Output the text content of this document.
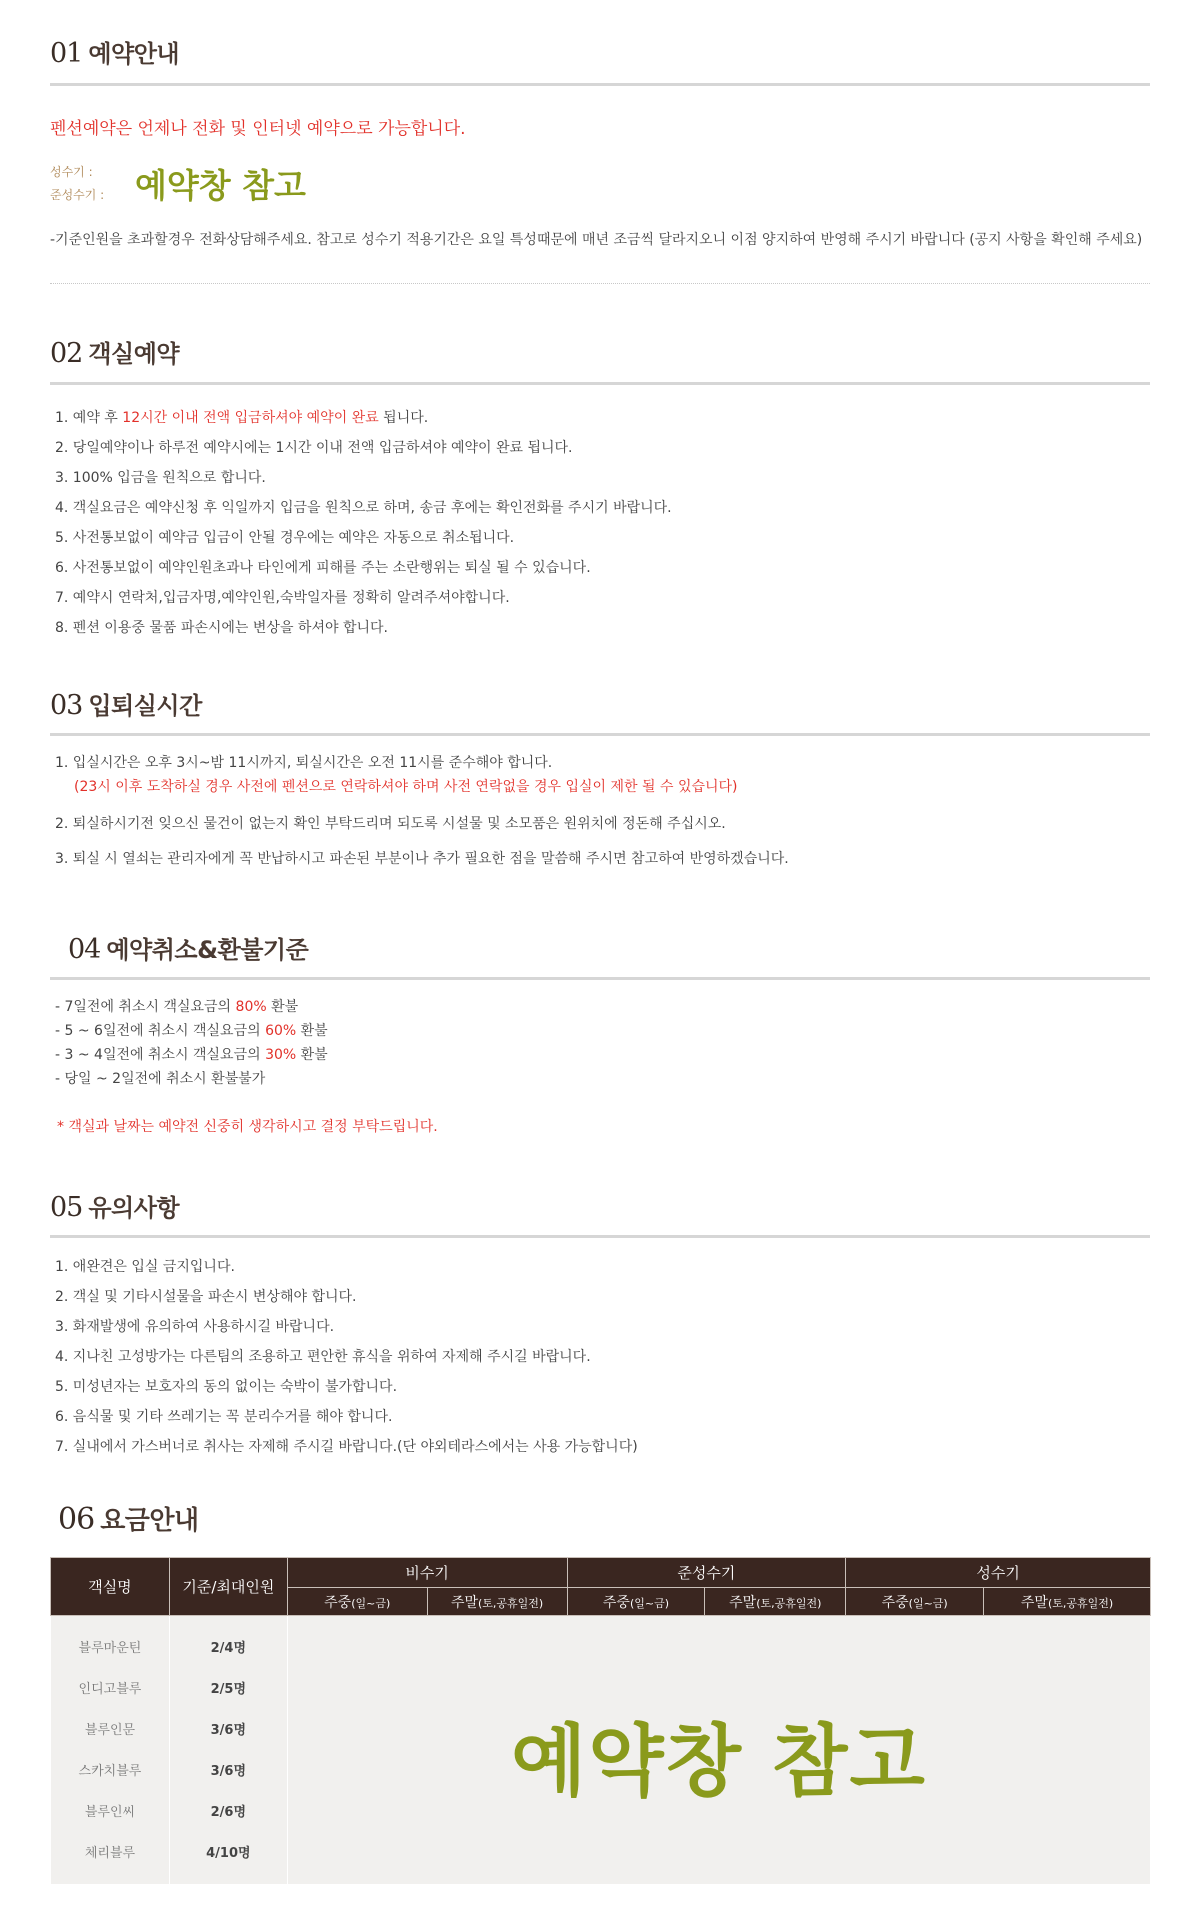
01 예약안내
펜션예약은 언제나 전화 및 인터넷 예약으로 가능합니다.
성수기 :
준성수기 : 예약창 참고
-기준인원을 초과할경우 전화상담해주세요. 참고로 성수기 적용기간은 요일 특성때문에 매년 조금씩 달라지오니 이점 양지하여 반영해 주시기 바랍니다 (공지 사항을 확인해 주세요)
02 객실예약
1. 예약 후 12시간 이내 전액 입금하셔야 예약이 완료 됩니다.
2. 당일예약이나 하루전 예약시에는 1시간 이내 전액 입금하셔야 예약이 완료 됩니다.
3. 100% 입금을 원칙으로 합니다.
4. 객실요금은 예약신청 후 익일까지 입금을 원칙으로 하며, 송금 후에는 확인전화를 주시기 바랍니다.
5. 사전통보없이 예약금 입금이 안될 경우에는 예약은 자동으로 취소됩니다.
6. 사전통보없이 예약인원초과나 타인에게 피해를 주는 소란행위는 퇴실 될 수 있습니다.
7. 예약시 연락처,입금자명,예약인원,숙박일자를 정확히 알려주셔야합니다.
8. 펜션 이용중 물품 파손시에는 변상을 하셔야 합니다.
03 입퇴실시간
1. 입실시간은 오후 3시~밤 11시까지, 퇴실시간은 오전 11시를 준수해야 합니다.
(23시 이후 도착하실 경우 사전에 펜션으로 연락하셔야 하며 사전 연락없을 경우 입실이 제한 될 수 있습니다)
2. 퇴실하시기전 잊으신 물건이 없는지 확인 부탁드리며 되도록 시설물 및 소모품은 원위치에 정돈해 주십시오.
3. 퇴실 시 열쇠는 관리자에게 꼭 반납하시고 파손된 부분이나 추가 필요한 점을 말씀해 주시면 참고하여 반영하겠습니다.
04 예약취소&환불기준
- 7일전에 취소시 객실요금의 80% 환불
- 5 ~ 6일전에 취소시 객실요금의 60% 환불
- 3 ~ 4일전에 취소시 객실요금의 30% 환불
- 당일 ~ 2일전에 취소시 환불불가
* 객실과 날짜는 예약전 신중히 생각하시고 결정 부탁드립니다.
05 유의사항
1. 애완견은 입실 금지입니다.
2. 객실 및 기타시설물을 파손시 변상해야 합니다.
3. 화재발생에 유의하여 사용하시길 바랍니다.
4. 지나친 고성방가는 다른팀의 조용하고 편안한 휴식을 위하여 자제해 주시길 바랍니다.
5. 미성년자는 보호자의 동의 없이는 숙박이 불가합니다.
6. 음식물 및 기타 쓰레기는 꼭 분리수거를 해야 합니다.
7. 실내에서 가스버너로 취사는 자제해 주시길 바랍니다.(단 야외테라스에서는 사용 가능합니다)
06 요금안내
객실명	기준/최대인원	비수기		준성수기		성수기	
		주중(일~금)	주말(토,공휴일전)	주중(일~금)	주말(토,공휴일전)	주중(일~금)	주말(토,공휴일전)
블루마운틴	2/4명	예약창 참고					
인디고블루	2/5명						
블루인문	3/6명						
스카치블루	3/6명						
블루인씨	2/6명						
체리블루	4/10명						
